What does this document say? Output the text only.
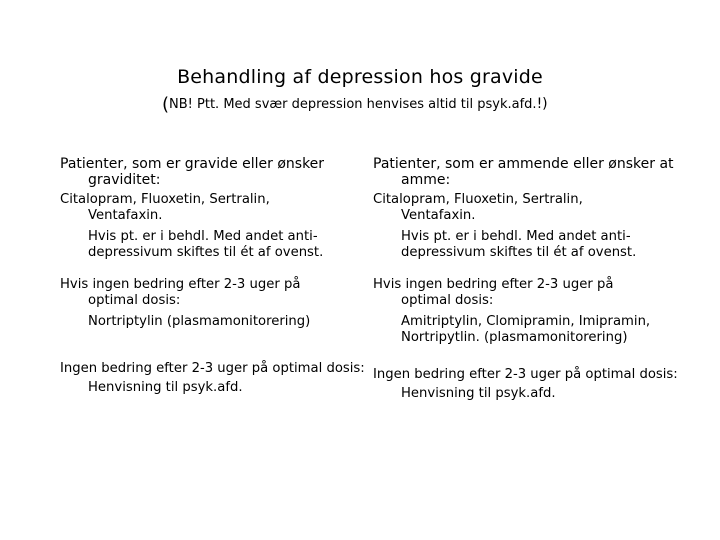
Behandling af depression hos gravide
(NB! Ptt. Med svær depression henvises altid til psyk.afd.!)
Patienter, som er gravide eller ønsker graviditet:
Citalopram, Fluoxetin, Sertralin,
Ventafaxin.
Hvis pt. er i behdl. Med andet anti-depressivum skiftes til ét af ovenst.
Hvis ingen bedring efter 2-3 uger på optimal dosis:
Nortriptylin (plasmamonitorering)
Ingen bedring efter 2-3 uger på optimal dosis:
Henvisning til psyk.afd.
Patienter, som er ammende eller ønsker at amme:
Citalopram, Fluoxetin, Sertralin,
Ventafaxin.
Hvis pt. er i behdl. Med andet anti-depressivum skiftes til ét af ovenst.
Hvis ingen bedring efter 2-3 uger på optimal dosis:
Amitriptylin, Clomipramin, Imipramin, Nortripytlin. (plasmamonitorering)
Ingen bedring efter 2-3 uger på optimal dosis:
Henvisning til psyk.afd.
